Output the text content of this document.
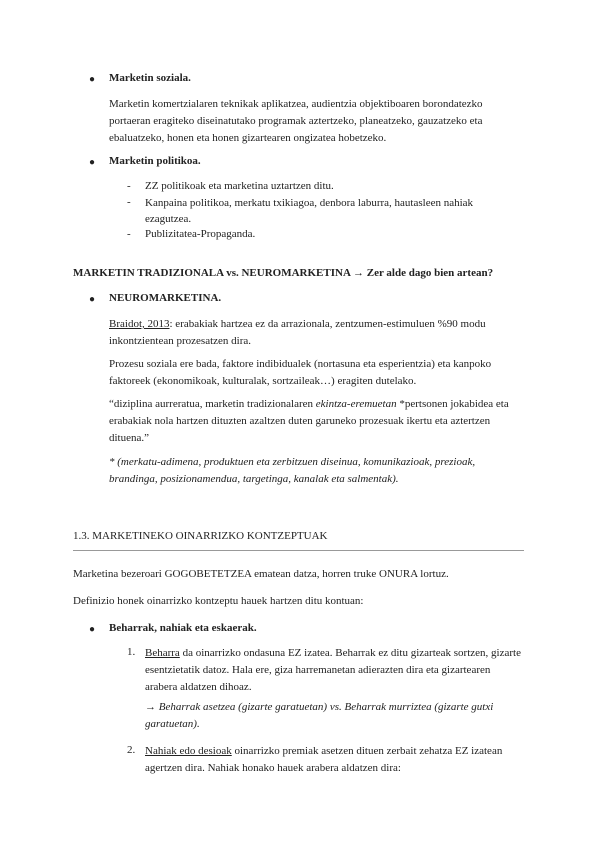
● Marketin soziala.

Marketin komertzialaren teknikak aplikatzea, audientzia objektiboaren borondatezko portaeran eragiteko diseinatutako programak aztertzeko, planeatzeko, gauzatzeko eta ebaluatzeko, honen eta honen gizartearen ongizatea hobetzeko.

● Marketin politikoa.
- ZZ politikoak eta marketina uztartzen ditu.
- Kanpaina politikoa, merkatu txikiagoa, denbora laburra, hautasleen nahiak ezagutzea.
- Publizitatea-Propaganda.
MARKETIN TRADIZIONALA vs. NEUROMARKETINA → Zer alde dago bien artean?
● NEUROMARKETINA.

Braidot, 2013: erabakiak hartzea ez da arrazionala, zentzumen-estimuluen %90 modu inkontzientean prozesatzen dira.

Prozesu soziala ere bada, faktore indibidualek (nortasuna eta esperientzia) eta kanpoko faktoreek (ekonomikoak, kulturalak, sortzaileak…) eragiten dutelako.

“diziplina aurreratua, marketin tradizionalaren ekintza-eremuetan *pertsonen jokabidea eta erabakiak nola hartzen dituzten azaltzen duten garuneko prozesuak ikertu eta aztertzen dituena.”

* (merkatu-adimena, produktuen eta zerbitzuen diseinua, komunikazioak, prezioak, brandinga, posizionamendua, targetinga, kanalak eta salmentak).

1.3. MARKETINEKO OINARRIZKO KONTZEPTUAK

Marketina bezeroari GOGOBETETZEA ematean datza, horren truke ONURA lortuz.

Definizio honek oinarrizko kontzeptu hauek hartzen ditu kontuan:

● Beharrak, nahiak eta eskaerak.
1. Beharra da oinarrizko ondasuna EZ izatea. Beharrak ez ditu gizarteak sortzen, gizarte esentzietatik datoz. Hala ere, giza harremanetan adierazten dira eta gizartearen arabera aldatzen dihoaz.

→ Beharrak asetzea (gizarte garatuetan) vs. Beharrak murriztea (gizarte gutxi garatuetan).

2. Nahiak edo desioak oinarrizko premiak asetzen dituen zerbait zehatza EZ izatean agertzen dira. Nahiak honako hauek arabera aldatzen dira:
